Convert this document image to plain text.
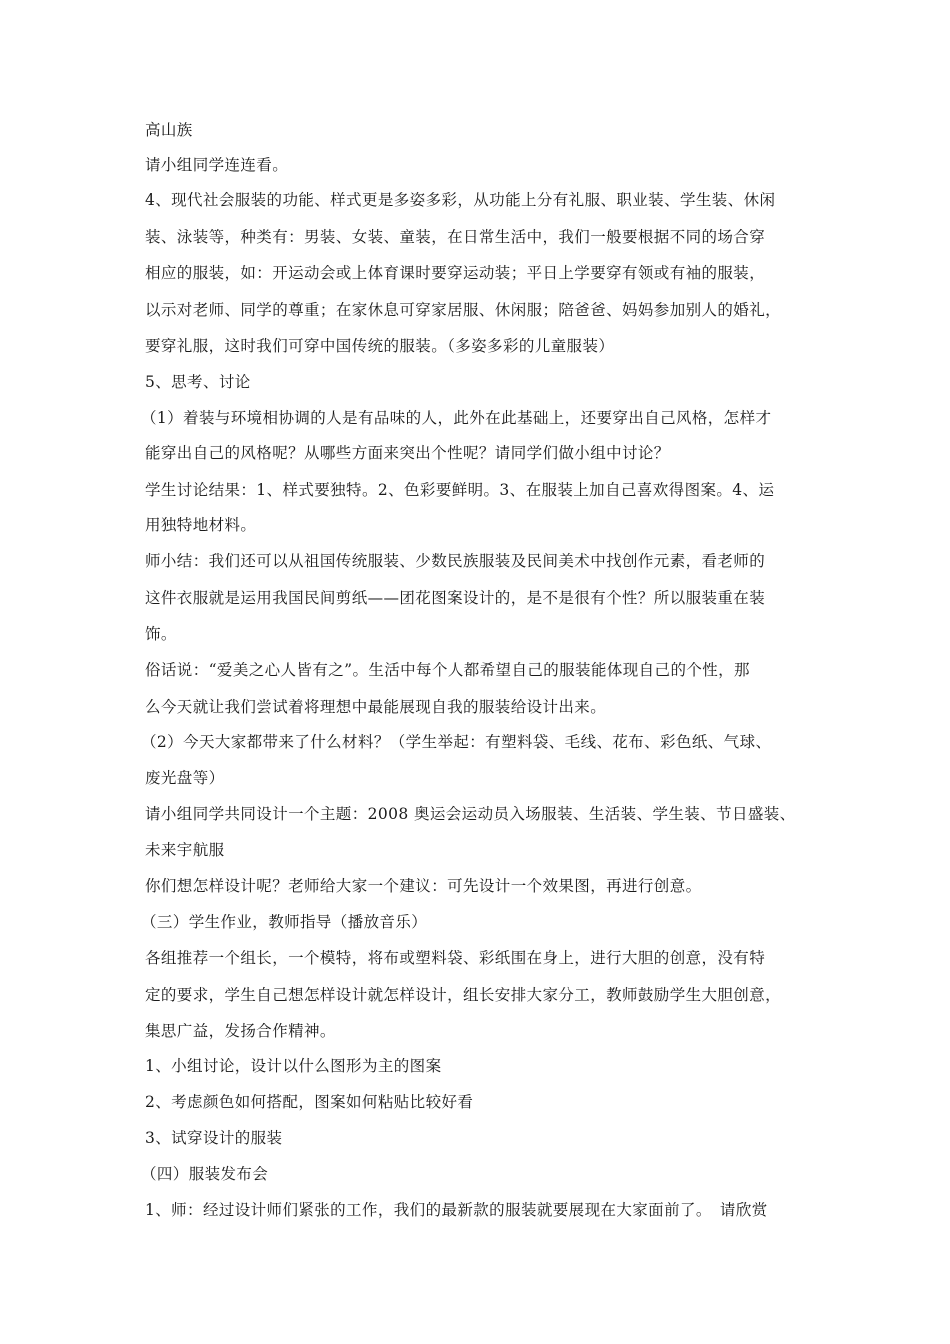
高山族
请小组同学连连看。
4、现代社会服装的功能、样式更是多姿多彩，从功能上分有礼服、职业装、学生装、休闲
装、泳装等，种类有：男装、女装、童装，在日常生活中，我们一般要根据不同的场合穿
相应的服装，如：开运动会或上体育课时要穿运动装；平日上学要穿有领或有袖的服装，
以示对老师、同学的尊重；在家休息可穿家居服、休闲服；陪爸爸、妈妈参加别人的婚礼，
要穿礼服，这时我们可穿中国传统的服装。（多姿多彩的儿童服装）
5、思考、讨论
（1）着装与环境相协调的人是有品味的人，此外在此基础上，还要穿出自己风格，怎样才
能穿出自己的风格呢？从哪些方面来突出个性呢？请同学们做小组中讨论？
学生讨论结果：1、样式要独特。2、色彩要鲜明。3、在服装上加自己喜欢得图案。4、运
用独特地材料。
师小结：我们还可以从祖国传统服装、少数民族服装及民间美术中找创作元素，看老师的
这件衣服就是运用我国民间剪纸——团花图案设计的，是不是很有个性？所以服装重在装
饰。
俗话说：“爱美之心人皆有之”。生活中每个人都希望自己的服装能体现自己的个性，那
么今天就让我们尝试着将理想中最能展现自我的服装给设计出来。
（2）今天大家都带来了什么材料？（学生举起：有塑料袋、毛线、花布、彩色纸、气球、
废光盘等）
请小组同学共同设计一个主题：2008 奥运会运动员入场服装、生活装、学生装、节日盛装、
未来宇航服
你们想怎样设计呢？老师给大家一个建议：可先设计一个效果图，再进行创意。
（三）学生作业，教师指导（播放音乐）
各组推荐一个组长，一个模特，将布或塑料袋、彩纸围在身上，进行大胆的创意，没有特
定的要求，学生自己想怎样设计就怎样设计，组长安排大家分工，教师鼓励学生大胆创意，
集思广益，发扬合作精神。
1、小组讨论，设计以什么图形为主的图案
2、考虑颜色如何搭配，图案如何粘贴比较好看
3、试穿设计的服装
（四）服装发布会
1、师：经过设计师们紧张的工作，我们的最新款的服装就要展现在大家面前了。　请欣赏
